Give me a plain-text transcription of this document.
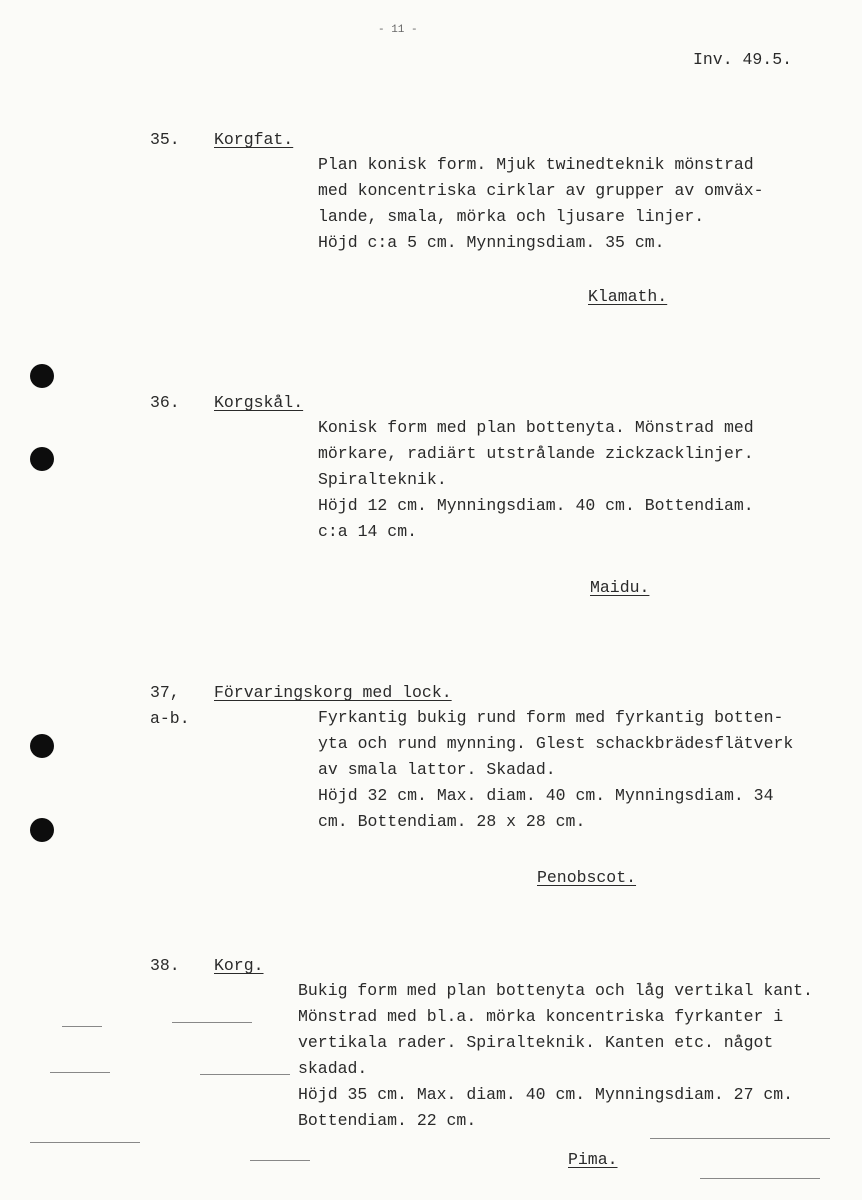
- 11 -
Inv. 49.5.
35. Korgfat.
Plan konisk form. Mjuk twinedteknik mönstrad
med koncentriska cirklar av grupper av omväx-
lande, smala, mörka och ljusare linjer.
Höjd c:a 5 cm. Mynningsdiam. 35 cm.
Klamath.
36. Korgskål.
Konisk form med plan bottenyta. Mönstrad med
mörkare, radiärt utstrålande zickzacklinjer.
Spiralteknik.
Höjd 12 cm. Mynningsdiam. 40 cm. Bottendiam.
c:a 14 cm.
Maidu.
37,
a-b.
Förvaringskorg med lock.
Fyrkantig bukig rund form med fyrkantig botten-
yta och rund mynning. Glest schackbrädesflätverk
av smala lattor. Skadad.
Höjd 32 cm. Max. diam. 40 cm. Mynningsdiam. 34
cm. Bottendiam. 28 x 28 cm.
Penobscot.
38. Korg.
Bukig form med plan bottenyta och låg vertikal kant.
Mönstrad med bl.a. mörka koncentriska fyrkanter i
vertikala rader. Spiralteknik. Kanten etc. något
skadad.
Höjd 35 cm. Max. diam. 40 cm. Mynningsdiam. 27 cm.
Bottendiam. 22 cm.
Pima.
